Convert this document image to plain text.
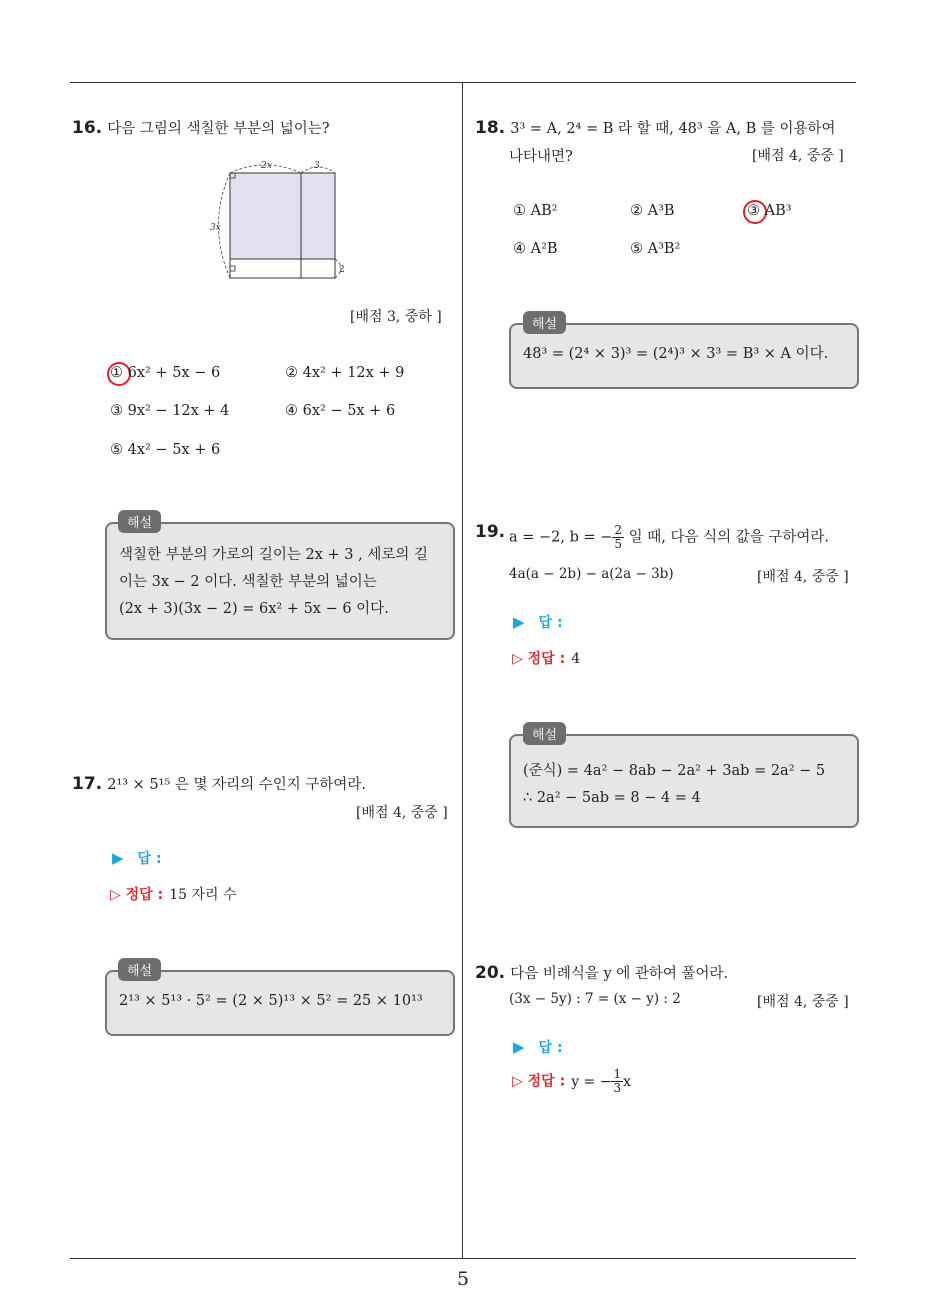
16. 다음 그림의 색칠한 부분의 넓이는?
2x	3
3x
2
[배점 3, 중하 ]
① 6x² + 5x − 6	② 4x² + 12x + 9
③ 9x² − 12x + 4	④ 6x² − 5x + 6
⑤ 4x² − 5x + 6
색칠한 부분의 가로의 길이는 2x + 3 , 세로의 길
이는 3x − 2 이다. 색칠한 부분의 넓이는
(2x + 3)(3x − 2) = 6x² + 5x − 6 이다.
해설
17. 2¹³ × 5¹⁵ 은 몇 자리의 수인지 구하여라.
[배점 4, 중중 ]
▶ 답 :
▷ 정답 : 15 자리 수
2¹³ × 5¹³ · 5² = (2 × 5)¹³ × 5² = 25 × 10¹³
해설
18. 3³ = A, 2⁴ = B 라 할 때, 48³ 을 A, B 를 이용하여
나타내면?	[배점 4, 중중 ]
① AB²	② A³B	③ AB³
④ A²B	⑤ A³B²
48³ = (2⁴ × 3)³ = (2⁴)³ × 3³ = B³ × A 이다.
해설
19. a = −2, b = − $\frac{2}{5}$ 일 때, 다음 식의 값을 구하여라.
4a(a − 2b) − a(2a − 3b)	[배점 4, 중중 ]
▶ 답 :
▷ 정답 : 4
(준식) = 4a² − 8ab − 2a² + 3ab = 2a² − 5
∴ 2a² − 5ab = 8 − 4 = 4
해설
20. 다음 비례식을 y 에 관하여 풀어라.
(3x − 5y) : 7 = (x − y) : 2	[배점 4, 중중 ]
▶ 답 :
▷ 정답 : y = − $\frac{1}{3}$ x
5
